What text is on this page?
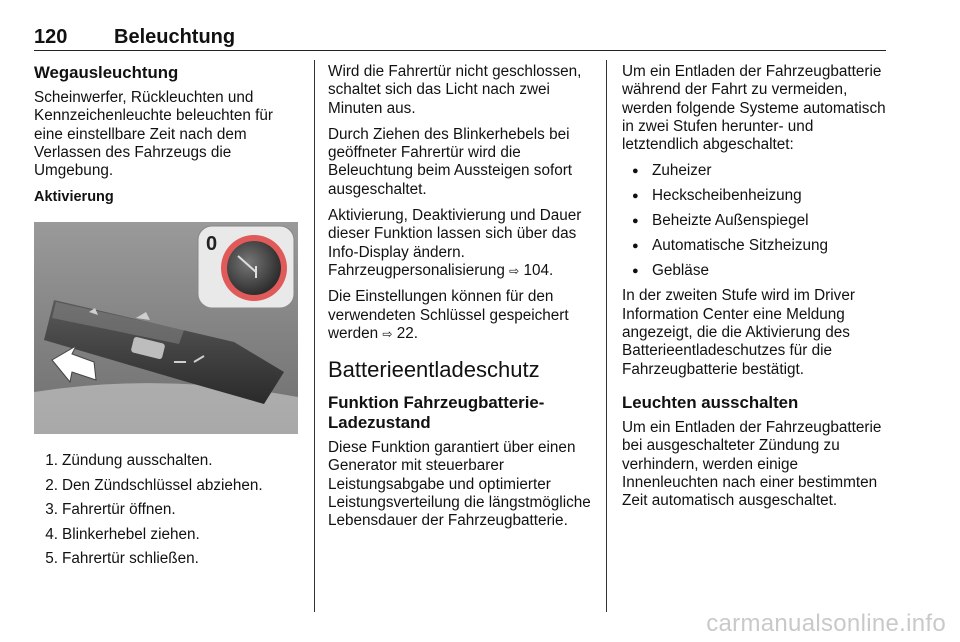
120 Beleuchtung
Wegausleuchtung

Scheinwerfer, Rückleuchten und Kennzeichenleuchte beleuchten für eine einstellbare Zeit nach dem Verlassen des Fahrzeugs die Umgebung.

Aktivierung
0
1. Zündung ausschalten.
2. Den Zündschlüssel abziehen.
3. Fahrertür öffnen.
4. Blinkerhebel ziehen.
5. Fahrertür schließen.

Wird die Fahrertür nicht geschlossen, schaltet sich das Licht nach zwei Minuten aus.

Durch Ziehen des Blinkerhebels bei geöffneter Fahrertür wird die Beleuchtung beim Aussteigen sofort ausgeschaltet.

Aktivierung, Deaktivierung und Dauer dieser Funktion lassen sich über das Info-Display ändern. Fahrzeugpersonalisierung ⇨ 104.

Die Einstellungen können für den verwendeten Schlüssel gespeichert werden ⇨ 22.

Batterieentladeschutz
Funktion Fahrzeugbatterie-Ladezustand

Diese Funktion garantiert über einen Generator mit steuerbarer Leistungsabgabe und optimierter Leistungsverteilung die längstmögliche Lebensdauer der Fahrzeugbatterie.

Um ein Entladen der Fahrzeugbatterie während der Fahrt zu vermeiden, werden folgende Systeme automatisch in zwei Stufen herunter- und letztendlich abgeschaltet:

● Zuheizer
● Heckscheibenheizung
● Beheizte Außenspiegel
● Automatische Sitzheizung
● Gebläse

In der zweiten Stufe wird im Driver Information Center eine Meldung angezeigt, die die Aktivierung des Batterieentladeschutzes für die Fahrzeugbatterie bestätigt.

Leuchten ausschalten

Um ein Entladen der Fahrzeugbatterie bei ausgeschalteter Zündung zu verhindern, werden einige Innenleuchten nach einer bestimmten Zeit automatisch ausgeschaltet.

carmanualsonline.info
